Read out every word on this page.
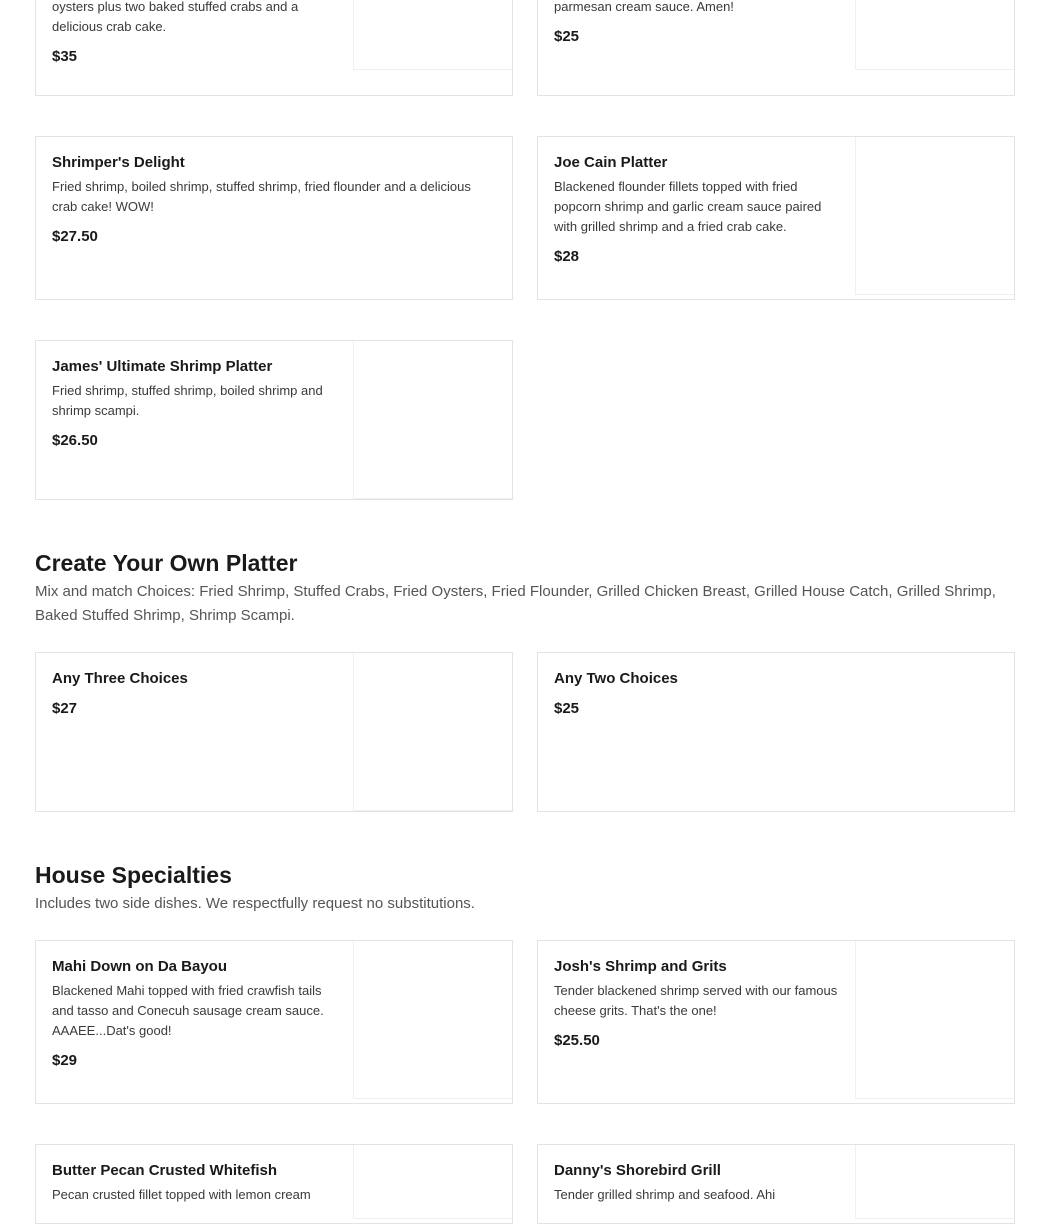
oysters plus two baked stuffed crabs and a delicious crab cake.

$35

parmesan cream sauce. Amen!

$25

Shrimper's Delight

Fried shrimp, boiled shrimp, stuffed shrimp, fried flounder and a delicious crab cake! WOW!

$27.50

Joe Cain Platter

Blackened flounder fillets topped with fried popcorn shrimp and garlic cream sauce paired with grilled shrimp and a fried crab cake.

$28

James' Ultimate Shrimp Platter

Fried shrimp, stuffed shrimp, boiled shrimp and shrimp scampi.

$26.50
Create Your Own Platter

Mix and match Choices: Fried Shrimp, Stuffed Crabs, Fried Oysters, Fried Flounder, Grilled Chicken Breast, Grilled House Catch, Grilled Shrimp, Baked Stuffed Shrimp, Shrimp Scampi.

Any Three Choices

$27

Any Two Choices

$25
House Specialties

Includes two side dishes. We respectfully request no substitutions.

Mahi Down on Da Bayou

Blackened Mahi topped with fried crawfish tails and tasso and Conecuh sausage cream sauce. AAAEE...Dat's good!

$29

Josh's Shrimp and Grits

Tender blackened shrimp served with our famous cheese grits. That's the one!

$25.50

Butter Pecan Crusted Whitefish

Pecan crusted fillet topped with lemon cream

Danny's Shorebird Grill

Tender grilled shrimp and seafood. Ahi
